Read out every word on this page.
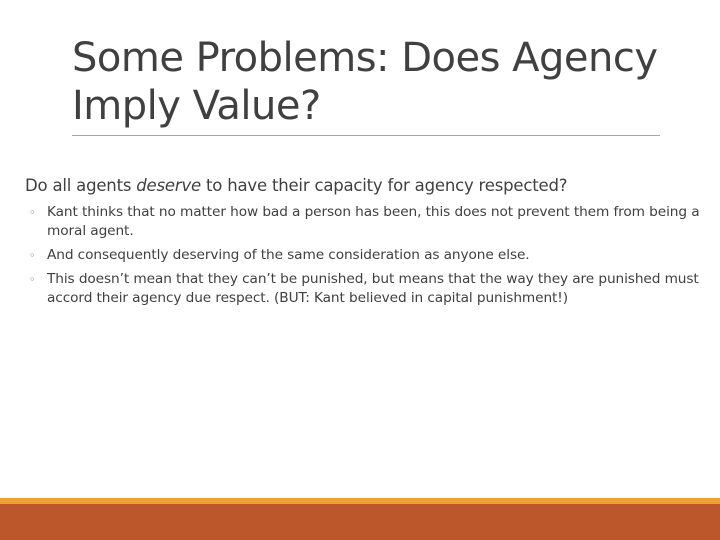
Some Problems: Does Agency
Imply Value?

Do all agents deserve to have their capacity for agency respected?

◦ Kant thinks that no matter how bad a person has been, this does not prevent them from being a moral agent.
◦ And consequently deserving of the same consideration as anyone else.
◦ This doesn’t mean that they can’t be punished, but means that the way they are punished must accord their agency due respect. (BUT: Kant believed in capital punishment!)
